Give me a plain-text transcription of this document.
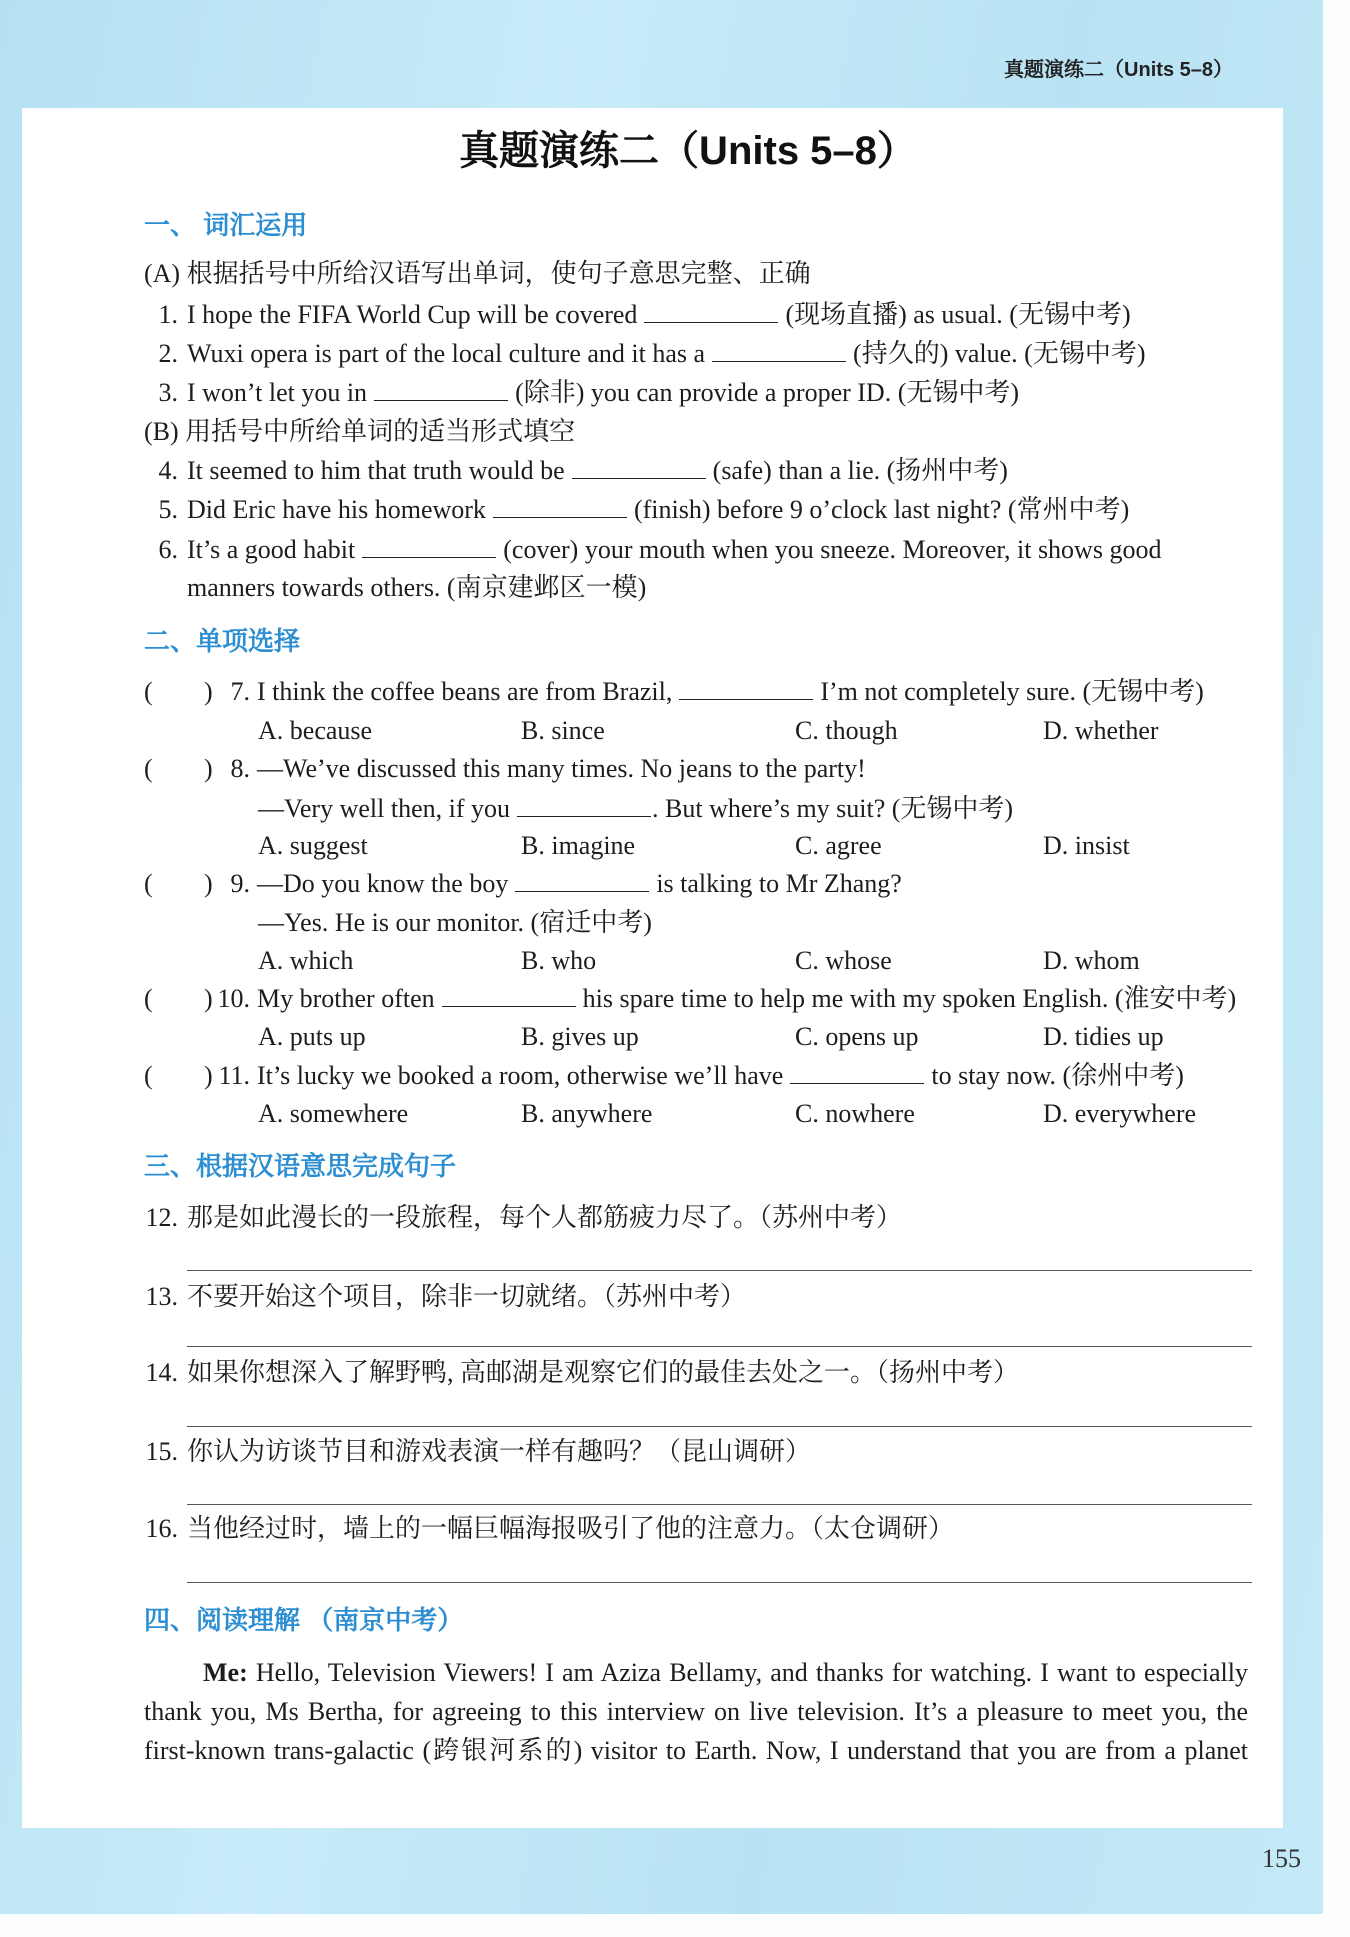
真题演练二（Units 5–8）
真题演练二（Units 5–8）
一、 词汇运用
(A) 根据括号中所给汉语写出单词，使句子意思完整、正确
1. I hope the FIFA World Cup will be covered	(现场直播) as usual. (无锡中考)
2. Wuxi opera is part of the local culture and it has a	(持久的) value. (无锡中考)
3. I won’t let you in	(除非) you can provide a proper ID. (无锡中考)
(B) 用括号中所给单词的适当形式填空
4. It seemed to him that truth would be	(safe) than a lie. (扬州中考)
5. Did Eric have his homework	(finish) before 9 o’clock last night? (常州中考)
6. It’s a good habit	(cover) your mouth when you sneeze. Moreover, it shows good
manners towards others. (南京建邺区一模)
二、单项选择
( ) 7. I think the coffee beans are from Brazil,	I’m not completely sure. (无锡中考)
A. because	B. since	C. though	D. whether
( ) 8. —We’ve discussed this many times. No jeans to the party!
—Very well then, if you	. But where’s my suit? (无锡中考)
A. suggest	B. imagine	C. agree	D. insist
( ) 9. —Do you know the boy	is talking to Mr Zhang?
—Yes. He is our monitor. (宿迁中考)
A. which	B. who	C. whose	D. whom
( ) 10. My brother often	his spare time to help me with my spoken English. (淮安中考)
A. puts up	B. gives up	C. opens up	D. tidies up
( ) 11. It’s lucky we booked a room, otherwise we’ll have	to stay now. (徐州中考)
A. somewhere	B. anywhere	C. nowhere	D. everywhere
三、根据汉语意思完成句子
12. 那是如此漫长的一段旅程，每个人都筋疲力尽了。（苏州中考）
13. 不要开始这个项目，除非一切就绪。（苏州中考）
14. 如果你想深入了解野鸭, 高邮湖是观察它们的最佳去处之一。（扬州中考）
15. 你认为访谈节目和游戏表演一样有趣吗？（昆山调研）
16. 当他经过时，墙上的一幅巨幅海报吸引了他的注意力。（太仓调研）
四、阅读理解 （南京中考）
Me: Hello, Television Viewers! I am Aziza Bellamy, and thanks for watching. I want to especially
thank you, Ms Bertha, for agreeing to this interview on live television. It’s a pleasure to meet you, the
first-known trans-galactic (跨银河系的) visitor to Earth. Now, I understand that you are from a planet
155
